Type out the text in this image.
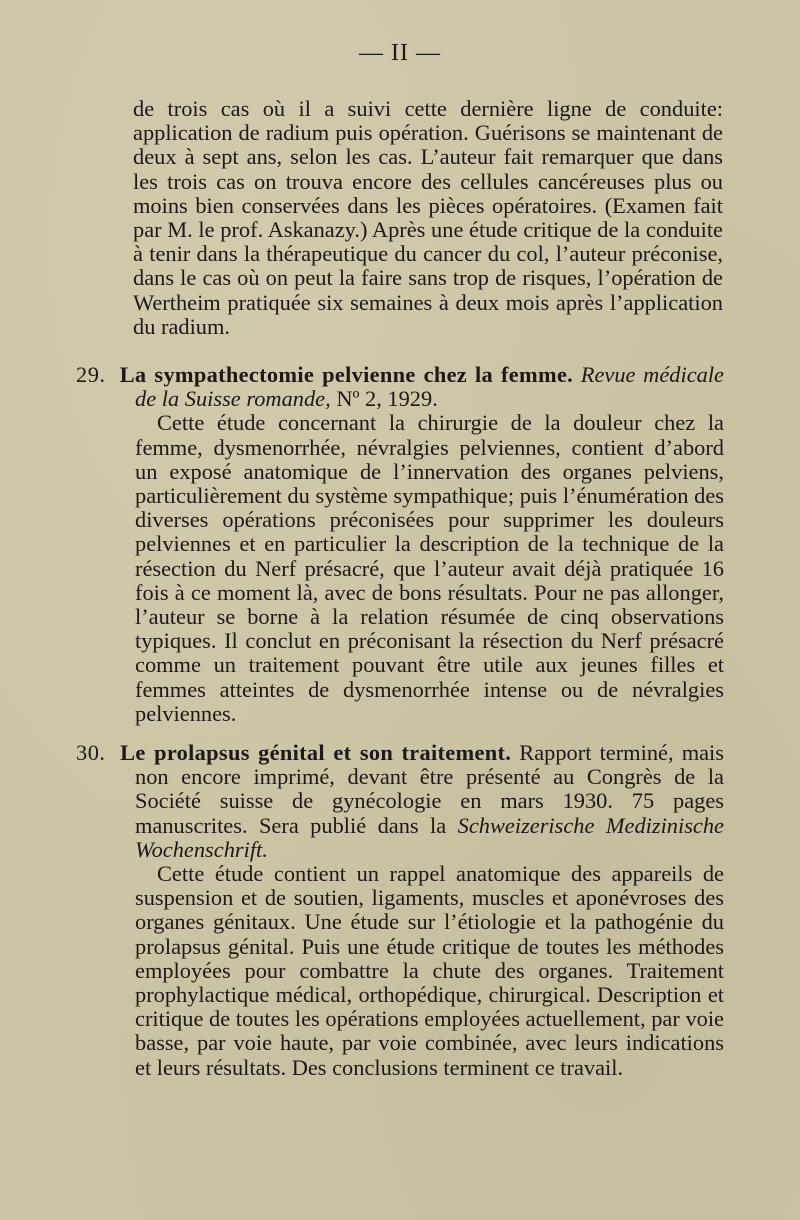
— II —
de trois cas où il a suivi cette dernière ligne de conduite: application de radium puis opération. Guérisons se maintenant de deux à sept ans, selon les cas. L’auteur fait remarquer que dans les trois cas on trouva encore des cellules cancéreuses plus ou moins bien conservées dans les pièces opératoires. (Examen fait par M. le prof. Askanazy.) Après une étude critique de la conduite à tenir dans la thérapeutique du cancer du col, l’auteur préconise, dans le cas où on peut la faire sans trop de risques, l’opération de Wertheim pratiquée six semaines à deux mois après l’application du radium.
29. La sympathectomie pelvienne chez la femme. Revue médicale de la Suisse romande, Nº 2, 1929.
Cette étude concernant la chirurgie de la douleur chez la femme, dysmenorrhée, névralgies pelviennes, contient d’abord un exposé anatomique de l’innervation des organes pelviens, particulièrement du système sympathique; puis l’énumération des diverses opérations préconisées pour supprimer les douleurs pelviennes et en particulier la description de la technique de la résection du Nerf présacré, que l’auteur avait déjà pratiquée 16 fois à ce moment là, avec de bons résultats. Pour ne pas allonger, l’auteur se borne à la relation résumée de cinq observations typiques. Il conclut en préconisant la résection du Nerf présacré comme un traitement pouvant être utile aux jeunes filles et femmes atteintes de dysmenorrhée intense ou de névralgies pelviennes.
30. Le prolapsus génital et son traitement. Rapport terminé, mais non encore imprimé, devant être présenté au Congrès de la Société suisse de gynécologie en mars 1930. 75 pages manuscrites. Sera publié dans la Schweizerische Medizinische Wochenschrift.
Cette étude contient un rappel anatomique des appareils de suspension et de soutien, ligaments, muscles et aponévroses des organes génitaux. Une étude sur l’étiologie et la pathogénie du prolapsus génital. Puis une étude critique de toutes les méthodes employées pour combattre la chute des organes. Traitement prophylactique médical, orthopédique, chirurgical. Description et critique de toutes les opérations employées actuellement, par voie basse, par voie haute, par voie combinée, avec leurs indications et leurs résultats. Des conclusions terminent ce travail.
